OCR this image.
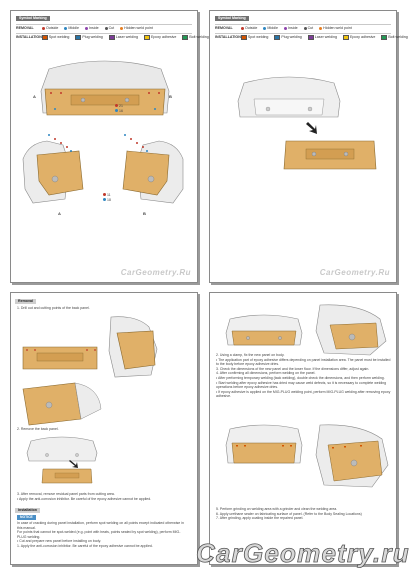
Symbol Marking
REMOVAL	Outside	Middle	Inside	Cut	Hidden weld point
INSTALLATION Spot welding	Plug welding	Laser welding	Epoxy adhesive	Bolt welding
A	B
21
16
A	B
11
18
CarGeometry.Ru
Symbol Marking
REMOVAL	Outside	Middle	Inside	Cut	Hidden weld point
INSTALLATION Spot welding	Plug welding	Laser welding	Epoxy adhesive	Bolt welding
CarGeometry.Ru
Removal
1. Drill out and cutting points of the back panel.
2. Remove the back panel.
3. After removal, remove residual panel parts from cutting area.
• Apply the anti-corrosion inhibitor. Be careful of the epoxy adhesive cannot be applied.
Installation
NOTICE
In case of cracking during panel installation, perform spot welding on all points except indicated otherwise in this manual.
For points that cannot be spot-welded (e.g. point with heats, points sealed by spot welding), perform MIG-PLUG welding.
• Cut and prepare new panel before installing on body.
1. Apply the anti-corrosion inhibitor. Be careful of the epoxy adhesive cannot be applied.
2. Using a clamp, fix the new panel on body.
• The application part of epoxy adhesive differs depending on panel installation area. The panel must be installed to the body before epoxy adhesive dries.
3. Check the dimensions of the new panel and the lower floor. If the dimensions differ, adjust again.
4. After confirming all dimensions, perform welding on the panel.
• After performing temporary welding (tack welding), double check the dimensions, and then perform welding.
• Start welding after epoxy adhesive has dried may cause weld defects, so it is necessary to complete welding operations before epoxy adhesive dries.
• If epoxy adhesive is applied on the MIG-PLUG welding point, perform MIG-PLUG welding after removing epoxy adhesive.
5. Perform grinding on welding area with a grinder and clean the welding area.
6. Apply urethane sealer on fabricating surface of panel. (Refer to the Body Sealing Locations)
7. After grinding, apply coating inside the repaired panel.
CarGeometry.ru
